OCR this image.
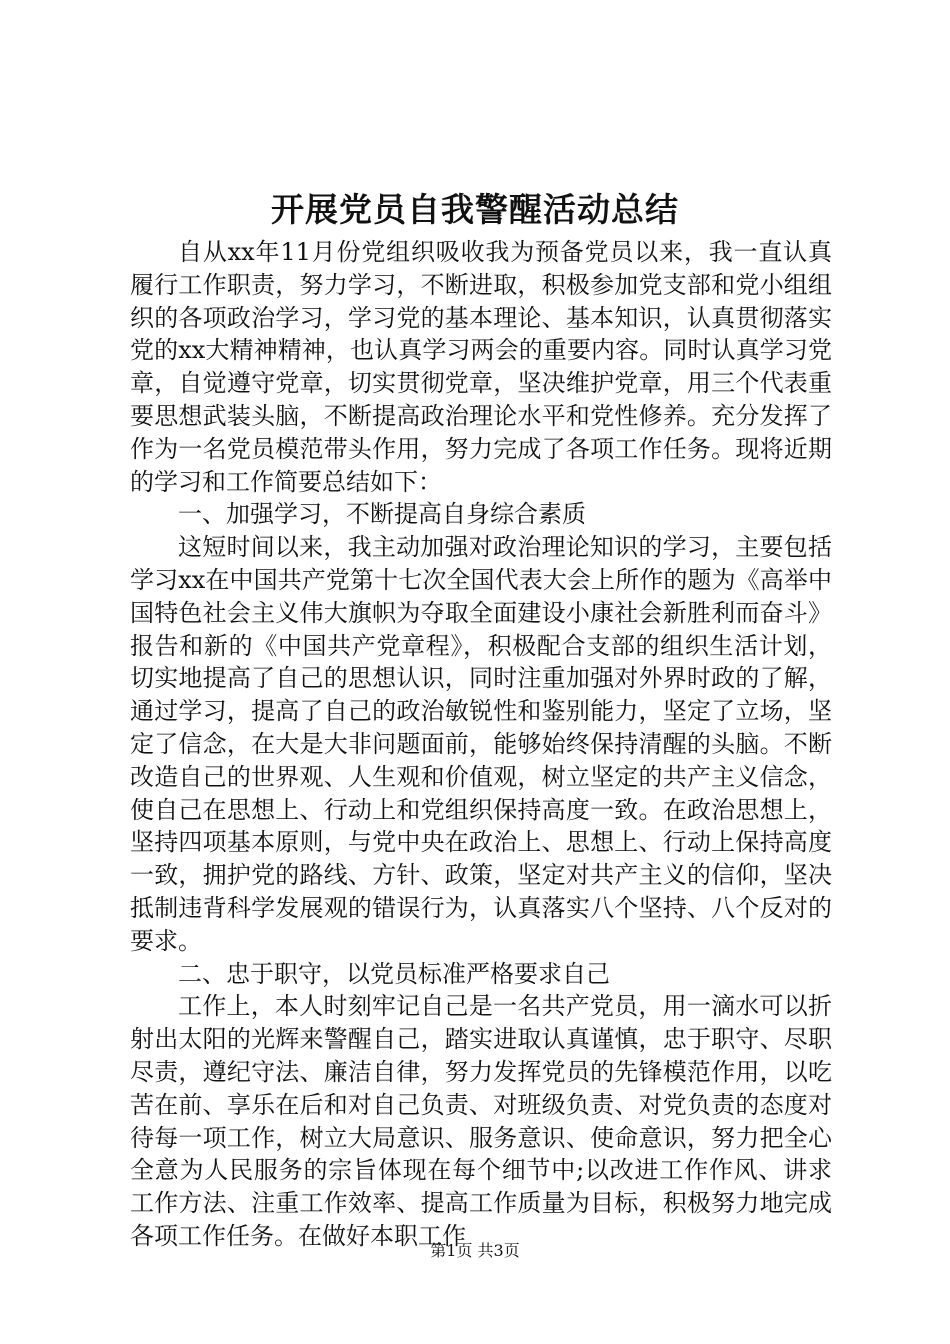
开展党员自我警醒活动总结

自从xx年11月份党组织吸收我为预备党员以来，我一直认真履行工作职责，努力学习，不断进取，积极参加党支部和党小组组织的各项政治学习，学习党的基本理论、基本知识，认真贯彻落实党的xx大精神精神，也认真学习两会的重要内容。同时认真学习党章，自觉遵守党章，切实贯彻党章，坚决维护党章，用三个代表重要思想武装头脑，不断提高政治理论水平和党性修养。充分发挥了作为一名党员模范带头作用，努力完成了各项工作任务。现将近期的学习和工作简要总结如下：

一、加强学习，不断提高自身综合素质

这短时间以来，我主动加强对政治理论知识的学习，主要包括学习xx在中国共产党第十七次全国代表大会上所作的题为《高举中国特色社会主义伟大旗帜为夺取全面建设小康社会新胜利而奋斗》报告和新的《中国共产党章程》，积极配合支部的组织生活计划，切实地提高了自己的思想认识，同时注重加强对外界时政的了解，通过学习，提高了自己的政治敏锐性和鉴别能力，坚定了立场，坚定了信念，在大是大非问题面前，能够始终保持清醒的头脑。不断改造自己的世界观、人生观和价值观，树立坚定的共产主义信念，使自己在思想上、行动上和党组织保持高度一致。在政治思想上，坚持四项基本原则，与党中央在政治上、思想上、行动上保持高度一致，拥护党的路线、方针、政策，坚定对共产主义的信仰，坚决抵制违背科学发展观的错误行为，认真落实八个坚持、八个反对的要求。

二、忠于职守，以党员标准严格要求自己

工作上，本人时刻牢记自己是一名共产党员，用一滴水可以折射出太阳的光辉来警醒自己，踏实进取认真谨慎，忠于职守、尽职尽责，遵纪守法、廉洁自律，努力发挥党员的先锋模范作用，以吃苦在前、享乐在后和对自己负责、对班级负责、对党负责的态度对待每一项工作，树立大局意识、服务意识、使命意识，努力把全心全意为人民服务的宗旨体现在每个细节中;以改进工作作风、讲求工作方法、注重工作效率、提高工作质量为目标，积极努力地完成各项工作任务。在做好本职工作

第1页 共3页
